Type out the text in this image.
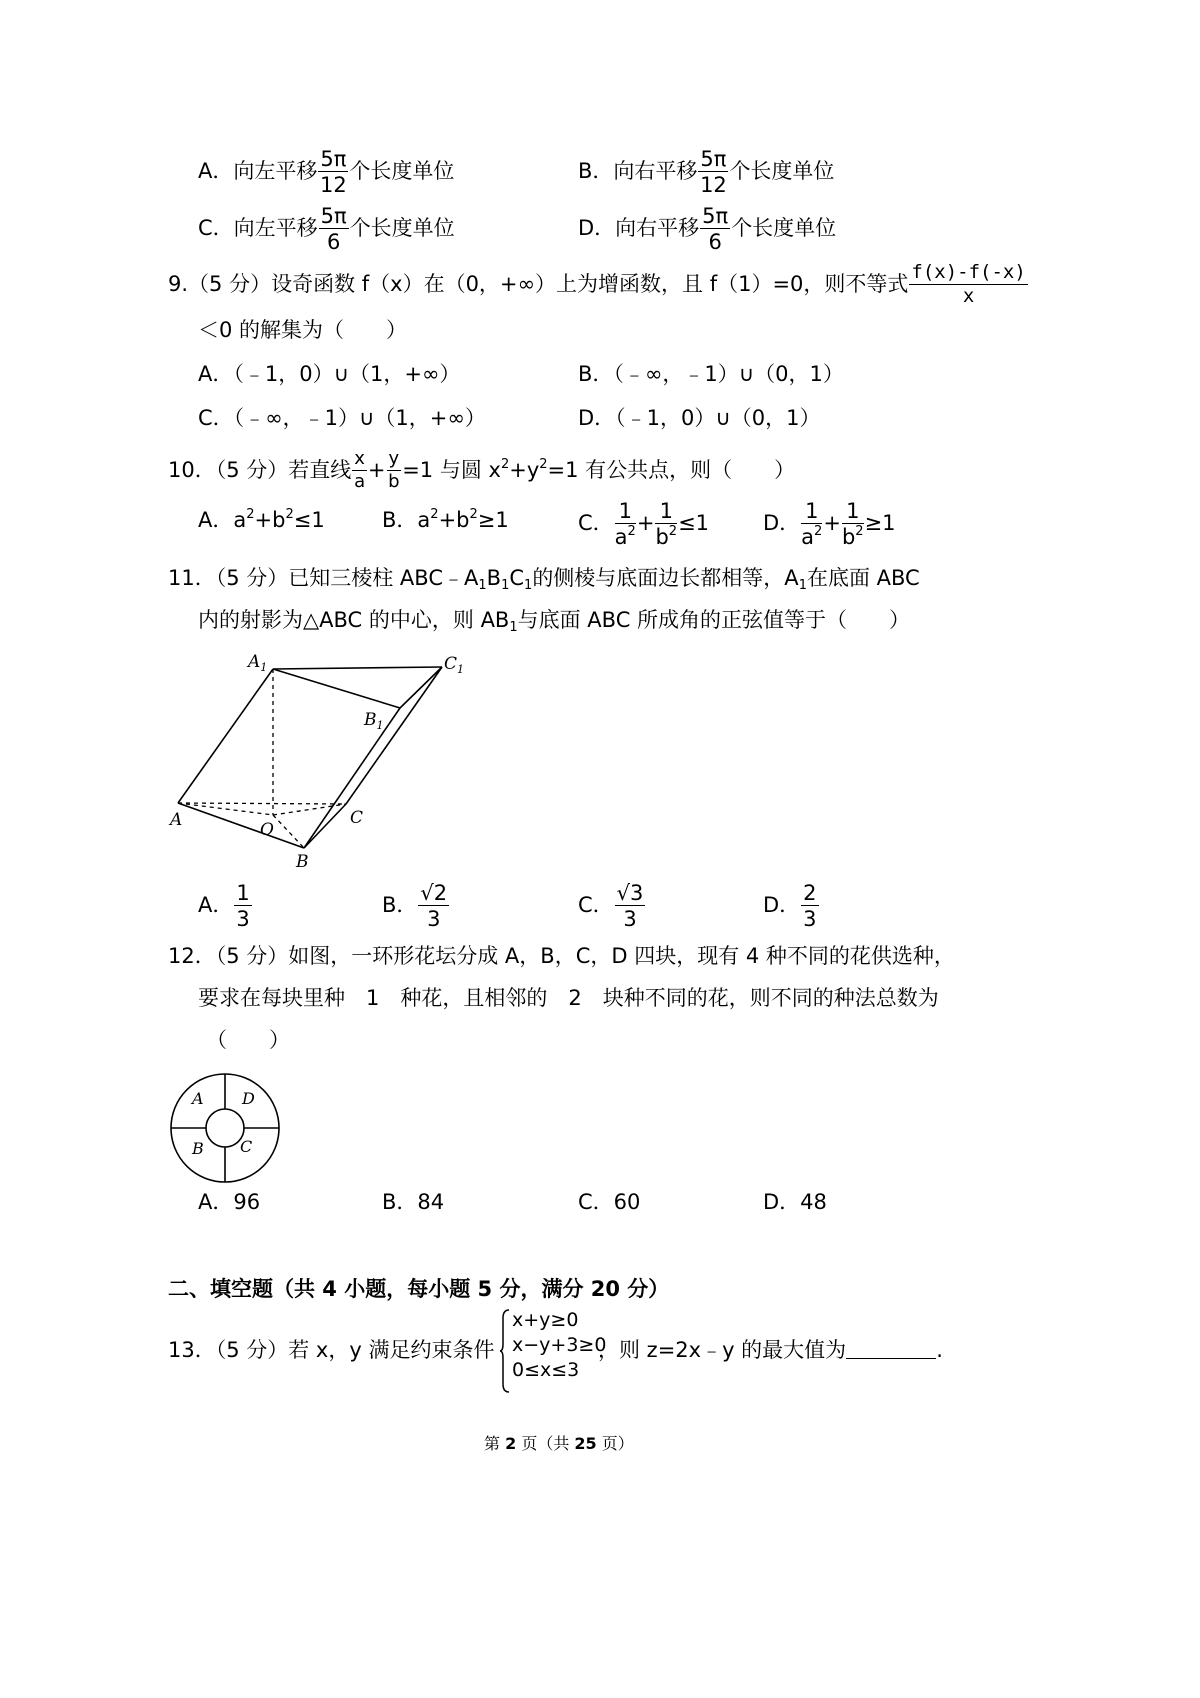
A．向左平移 $\frac{5\pi}{12}$ 个长度单位	B．向右平移 $\frac{5\pi}{12}$ 个长度单位
C．向左平移 $\frac{5\pi}{6}$ 个长度单位	D．向右平移 $\frac{5\pi}{6}$ 个长度单位
9.（5 分）设奇函数 f（x）在（0，+∞）上为增函数，且 f（1）=0，则不等式 $\frac{f(x)-f(-x)}{x}$
＜0 的解集为（　　）
A．（﹣1，0）∪（1，+∞）	B．（﹣∞，﹣1）∪（0，1）
C．（﹣∞，﹣1）∪（1，+∞）	D．（﹣1，0）∪（0，1）
10．（5 分）若直线 $\frac{x}{a} + \frac{y}{b} =1$ 与圆 $x^2+y^2=1$ 有公共点，则（　　）
A．$a^2+b^2\le 1$	B．$a^2+b^2\ge 1$	C． $\frac{1}{a^2} + \frac{1}{b^2} \le 1$	D． $\frac{1}{a^2} + \frac{1}{b^2} \ge 1$
11．（5 分）已知三棱柱 $ABC﹣A_1B_1C_1$的侧棱与底面边长都相等，$A_1$在底面 ABC
内的射影为△ABC 的中心，则 $AB_1$与底面 ABC 所成角的正弦值等于（　　）
$A_1$	$C_1$
$B_1$
A	C
O
B
A． $\frac{1}{3}$	B． $\frac{√2}{3}$	C． $\frac{√3}{3}$	D． $\frac{2}{3}$
12．（5 分）如图，一环形花坛分成 A，B，C，D 四块，现有 4 种不同的花供选种，
要求在每块里种　1　种花，且相邻的　2　块种不同的花，则不同的种法总数为
（　　）
A D
B C
A．96	B．84	C．60	D．48
二、填空题（共 4 小题，每小题 5 分，满分 20 分）
13．（5 分）若 x，y 满足约束条件
x+y≥0
x−y+3≥0
0≤x≤3
，则 z=2x﹣y 的最大值为	.
第 2 页（共 25 页）
